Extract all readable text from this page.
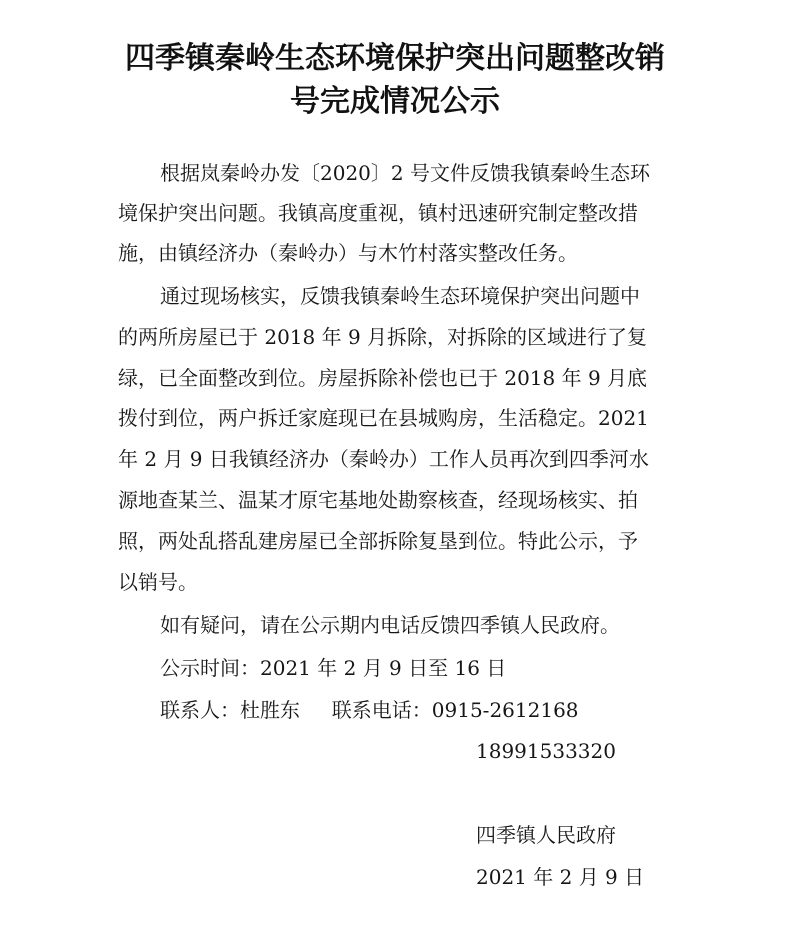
四季镇秦岭生态环境保护突出问题整改销
号完成情况公示
根据岚秦岭办发〔2020〕2 号文件反馈我镇秦岭生态环
境保护突出问题。我镇高度重视，镇村迅速研究制定整改措
施，由镇经济办（秦岭办）与木竹村落实整改任务。
通过现场核实，反馈我镇秦岭生态环境保护突出问题中
的两所房屋已于 2018 年 9 月拆除，对拆除的区域进行了复
绿，已全面整改到位。房屋拆除补偿也已于 2018 年 9 月底
拨付到位，两户拆迁家庭现已在县城购房，生活稳定。2021
年 2 月 9 日我镇经济办（秦岭办）工作人员再次到四季河水
源地查某兰、温某才原宅基地处勘察核查，经现场核实、拍
照，两处乱搭乱建房屋已全部拆除复垦到位。特此公示，予
以销号。
如有疑问，请在公示期内电话反馈四季镇人民政府。
公示时间：2021 年 2 月 9 日至 16 日
联系人：杜胜东     联系电话：0915-2612168
18991533320
四季镇人民政府
2021 年 2 月 9 日
